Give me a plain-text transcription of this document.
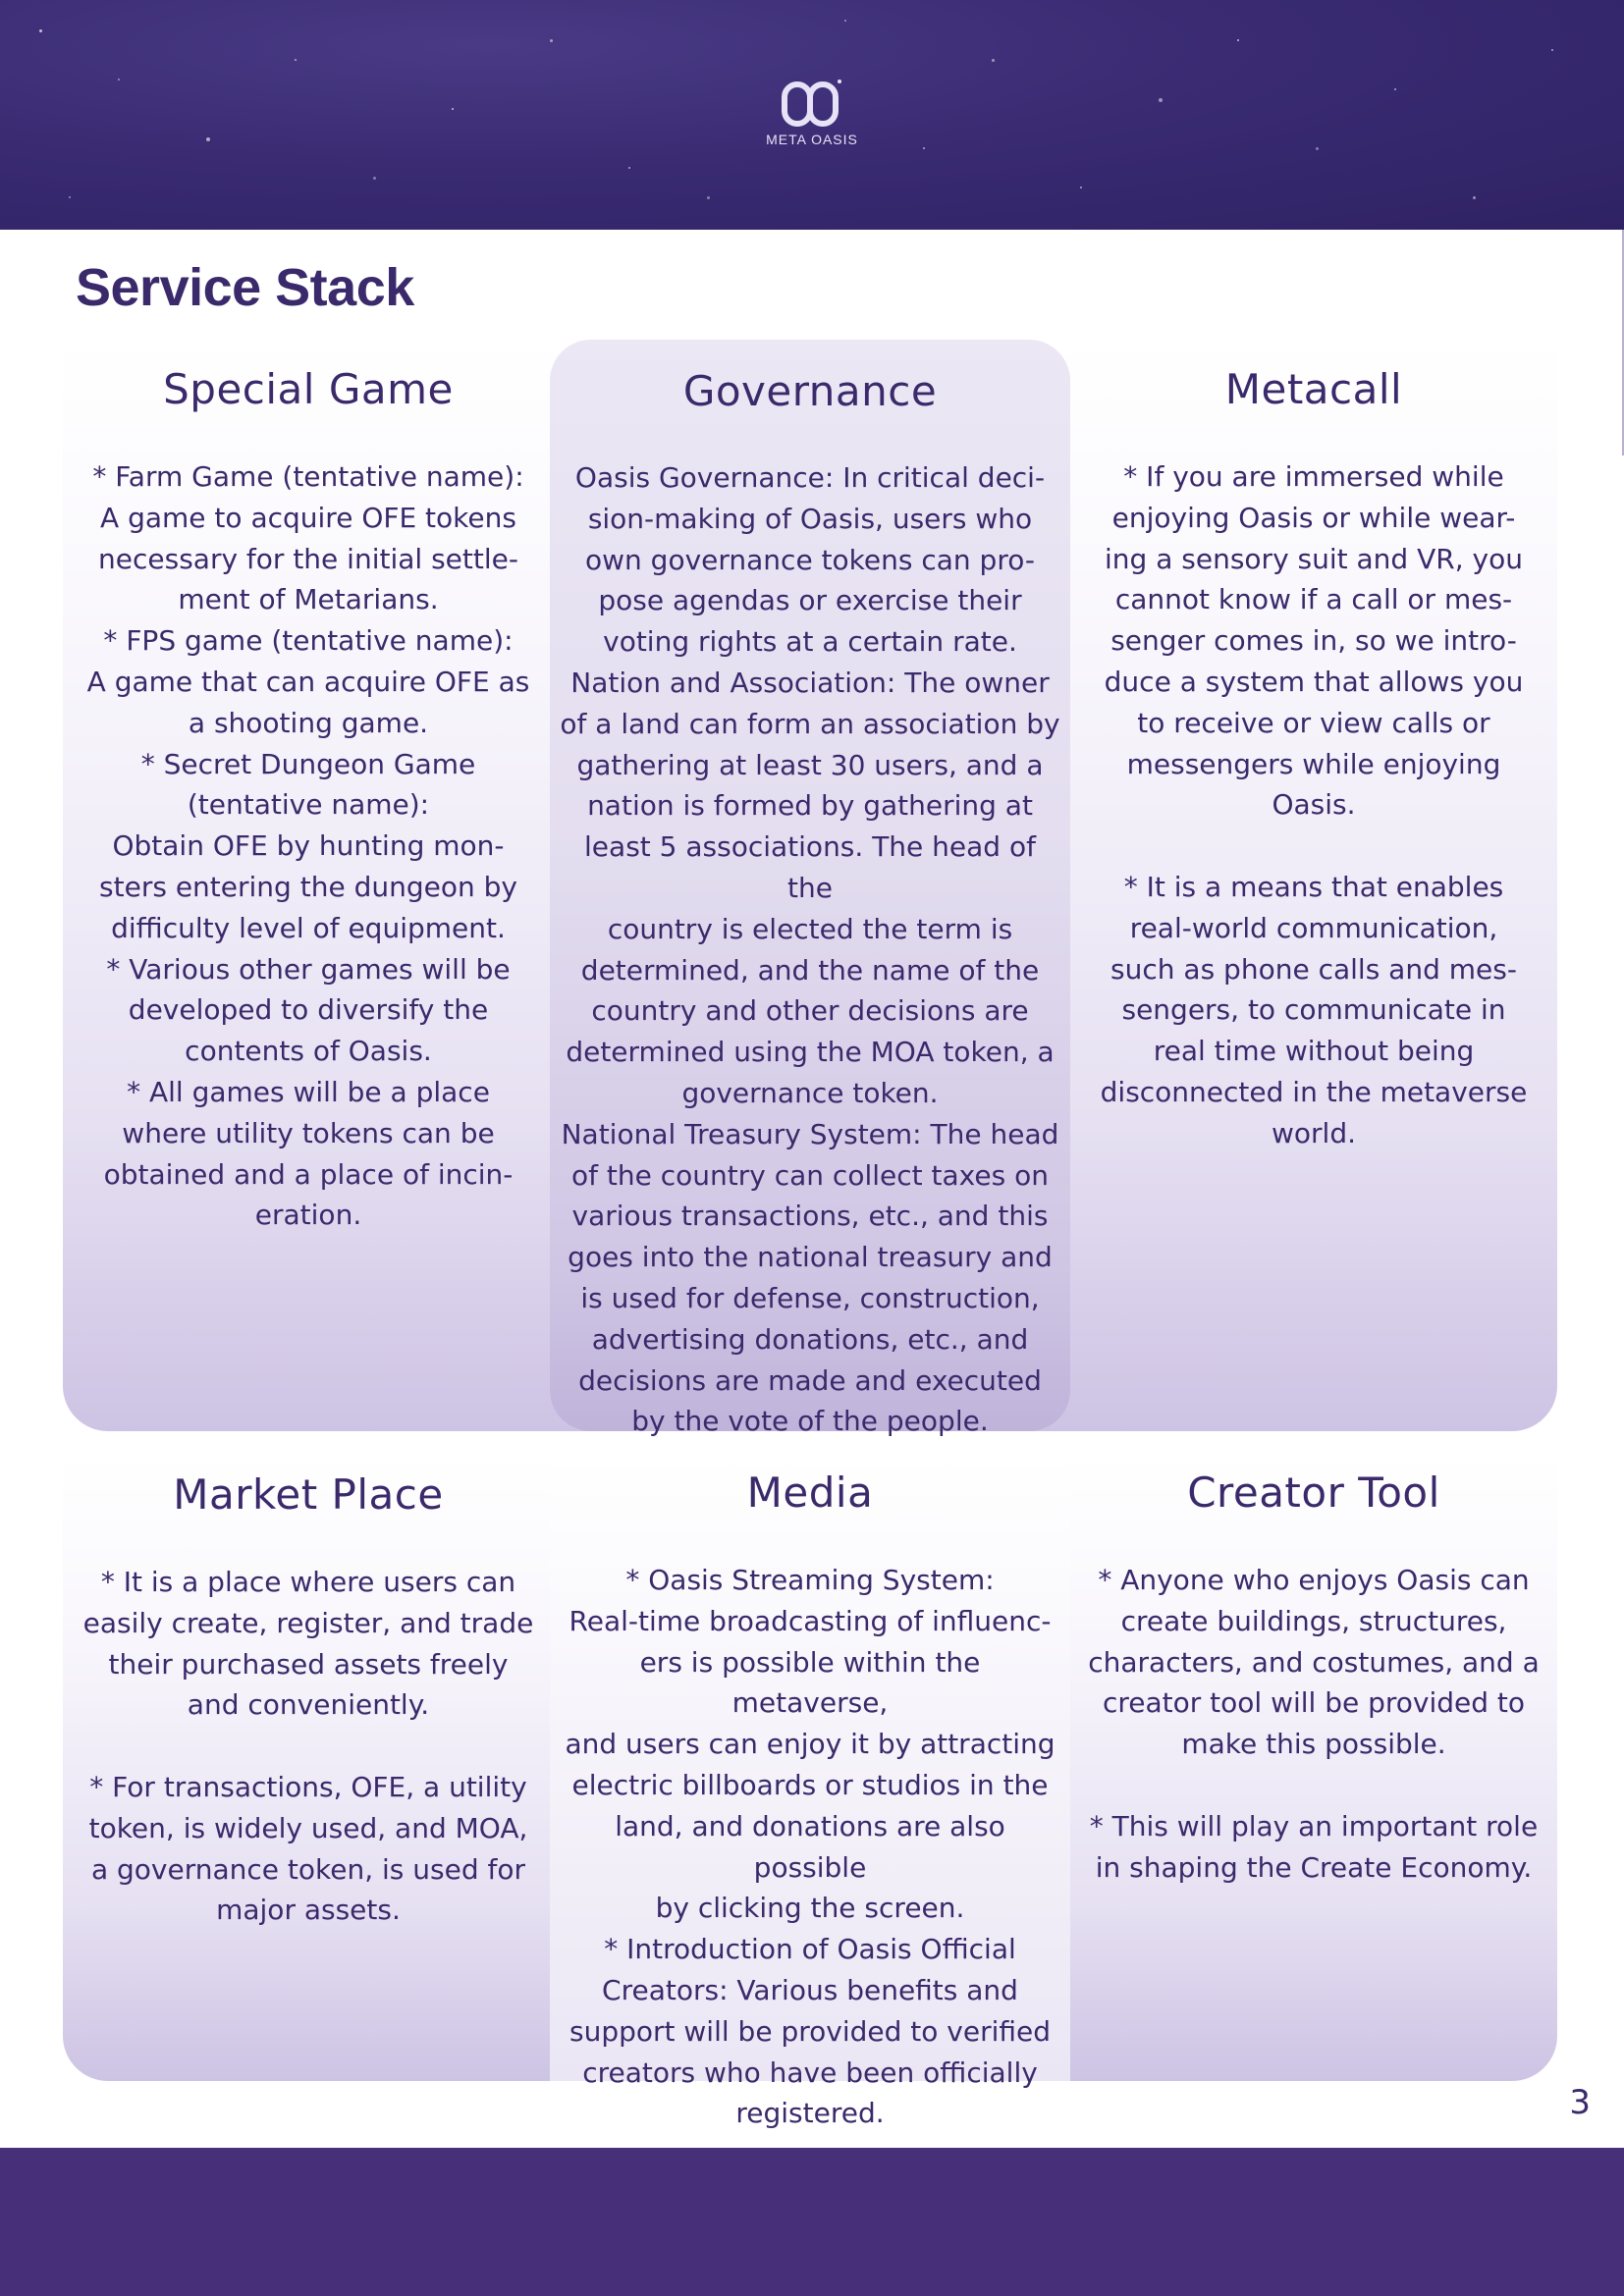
META OASIS
Service Stack
Special Game

* Farm Game (tentative name):
A game to acquire OFE tokens
necessary for the initial settle-
ment of Metarians.
* FPS game (tentative name):
A game that can acquire OFE as
a shooting game.
* Secret Dungeon Game
(tentative name):
Obtain OFE by hunting mon-
sters entering the dungeon by
difficulty level of equipment.
* Various other games will be
developed to diversify the
contents of Oasis.
* All games will be a place
where utility tokens can be
obtained and a place of incin-
eration.

Governance

Oasis Governance: In critical deci-
sion-making of Oasis, users who
own governance tokens can pro-
pose agendas or exercise their
voting rights at a certain rate.
Nation and Association: The owner
of a land can form an association by
gathering at least 30 users, and a
nation is formed by gathering at
least 5 associations. The head of the
country is elected the term is
determined, and the name of the
country and other decisions are
determined using the MOA token, a
governance token.
National Treasury System: The head
of the country can collect taxes on
various transactions, etc., and this
goes into the national treasury and
is used for defense, construction,
advertising donations, etc., and
decisions are made and executed
by the vote of the people.

Metacall

* If you are immersed while
enjoying Oasis or while wear-
ing a sensory suit and VR, you
cannot know if a call or mes-
senger comes in, so we intro-
duce a system that allows you
to receive or view calls or
messengers while enjoying
Oasis.

* It is a means that enables
real-world communication,
such as phone calls and mes-
sengers, to communicate in
real time without being
disconnected in the metaverse
world.

Market Place

* It is a place where users can
easily create, register, and trade
their purchased assets freely
and conveniently.

* For transactions, OFE, a utility
token, is widely used, and MOA,
a governance token, is used for
major assets.

Media

* Oasis Streaming System:
Real-time broadcasting of influenc-
ers is possible within the metaverse,
and users can enjoy it by attracting
electric billboards or studios in the
land, and donations are also possible
by clicking the screen.
* Introduction of Oasis Official
Creators: Various benefits and
support will be provided to verified
creators who have been officially
registered.

Creator Tool

* Anyone who enjoys Oasis can
create buildings, structures,
characters, and costumes, and a
creator tool will be provided to
make this possible.

* This will play an important role
in shaping the Create Economy.

3
